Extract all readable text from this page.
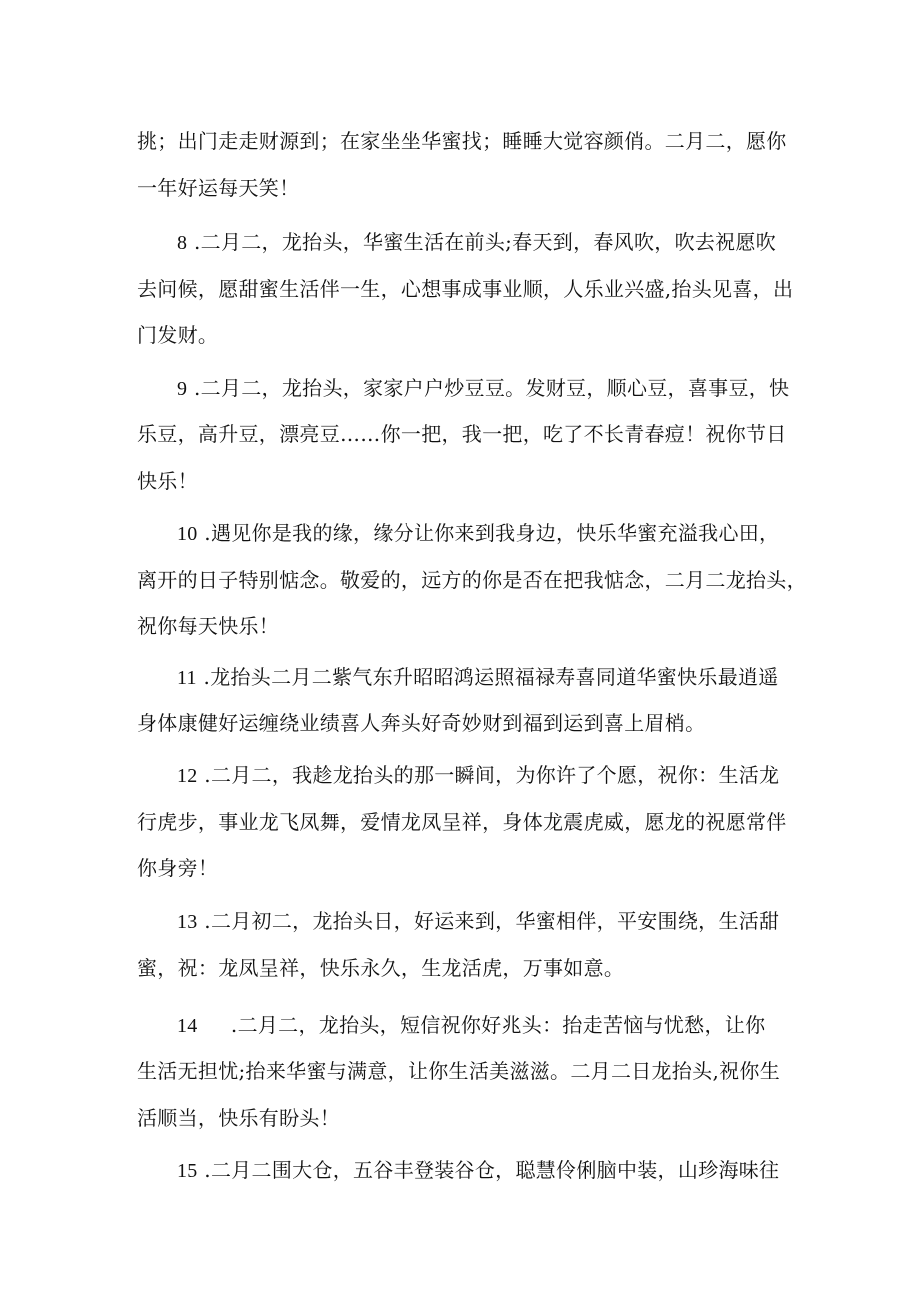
挑；出门走走财源到；在家坐坐华蜜找；睡睡大觉容颜俏。二月二，愿你
一年好运每天笑！
8 .二月二，龙抬头，华蜜生活在前头;春天到，春风吹，吹去祝愿吹
去问候，愿甜蜜生活伴一生，心想事成事业顺，人乐业兴盛,抬头见喜，出
门发财。
9 .二月二，龙抬头，家家户户炒豆豆。发财豆，顺心豆，喜事豆，快
乐豆，高升豆，漂亮豆……你一把，我一把，吃了不长青春痘！祝你节日
快乐！
10 .遇见你是我的缘，缘分让你来到我身边，快乐华蜜充溢我心田，
离开的日子特别惦念。敬爱的，远方的你是否在把我惦念，二月二龙抬头，
祝你每天快乐！
11 .龙抬头二月二紫气东升昭昭鸿运照福禄寿喜同道华蜜快乐最逍遥
身体康健好运缠绕业绩喜人奔头好奇妙财到福到运到喜上眉梢。
12 .二月二，我趁龙抬头的那一瞬间，为你许了个愿，祝你：生活龙
行虎步，事业龙飞凤舞，爱情龙凤呈祥，身体龙震虎威，愿龙的祝愿常伴
你身旁！
13 .二月初二，龙抬头日，好运来到，华蜜相伴，平安围绕，生活甜
蜜，祝：龙凤呈祥，快乐永久，生龙活虎，万事如意。
14 .二月二，龙抬头，短信祝你好兆头：抬走苦恼与忧愁，让你
生活无担忧;抬来华蜜与满意，让你生活美滋滋。二月二日龙抬头,祝你生
活顺当，快乐有盼头！
15 .二月二围大仓，五谷丰登装谷仓，聪慧伶俐脑中装，山珍海味往
